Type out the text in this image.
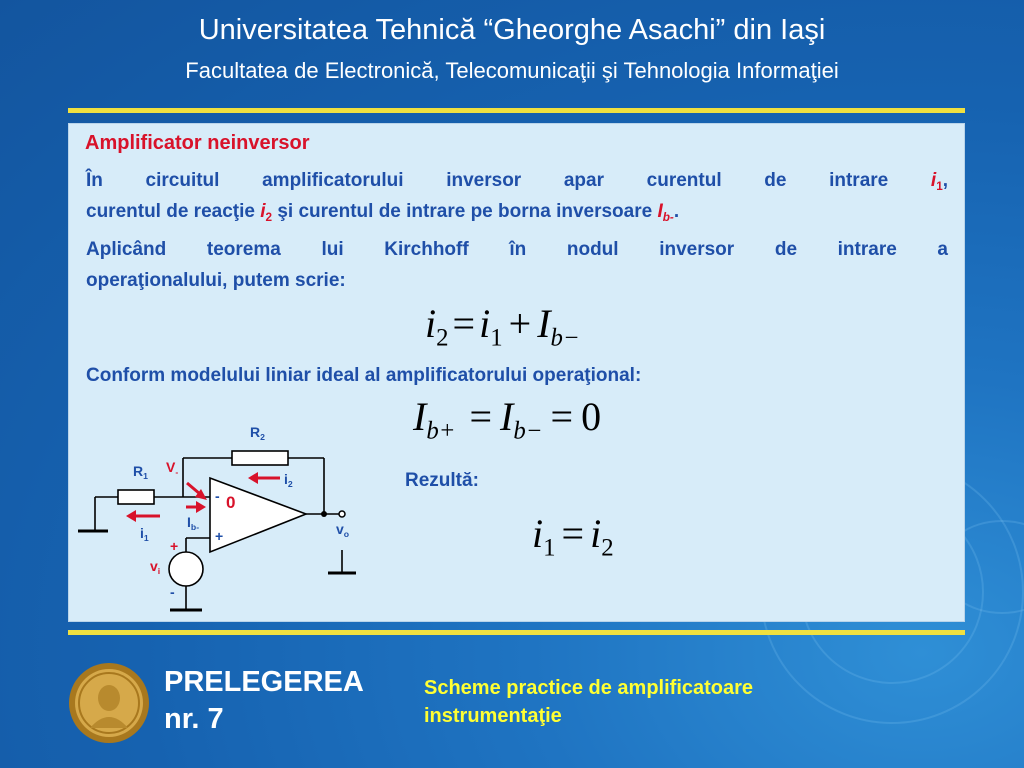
Universitatea Tehnică “Gheorghe Asachi” din Iaşi
Facultatea de Electronică, Telecomunicaţii şi Tehnologia Informaţiei
Amplificator neinversor
În circuitul amplificatorului inversor apar curentul de intrare $i_1$,
curentul de reacţie $i_2$ şi curentul de intrare pe borna inversoare $I_{b-}$.
Aplicând teorema lui Kirchhoff în nodul inversor de intrare a
operaţionalului, putem scrie:
$i_2 = i_1 + I_{b-}$
Conform modelului liniar ideal al amplificatorului operaţional:
$I_{b+} = I_{b-} = 0$
Rezultă:
$i_1 = i_2$
$R_2$
$R_1$
$V_-$	$i_2$
$i_1$
$I_{b-}$
0
-
+	$v_o$
$v_i$
+
-
PRELEGEREA
nr. 7
Scheme practice de amplificatoare
instrumentaţie
